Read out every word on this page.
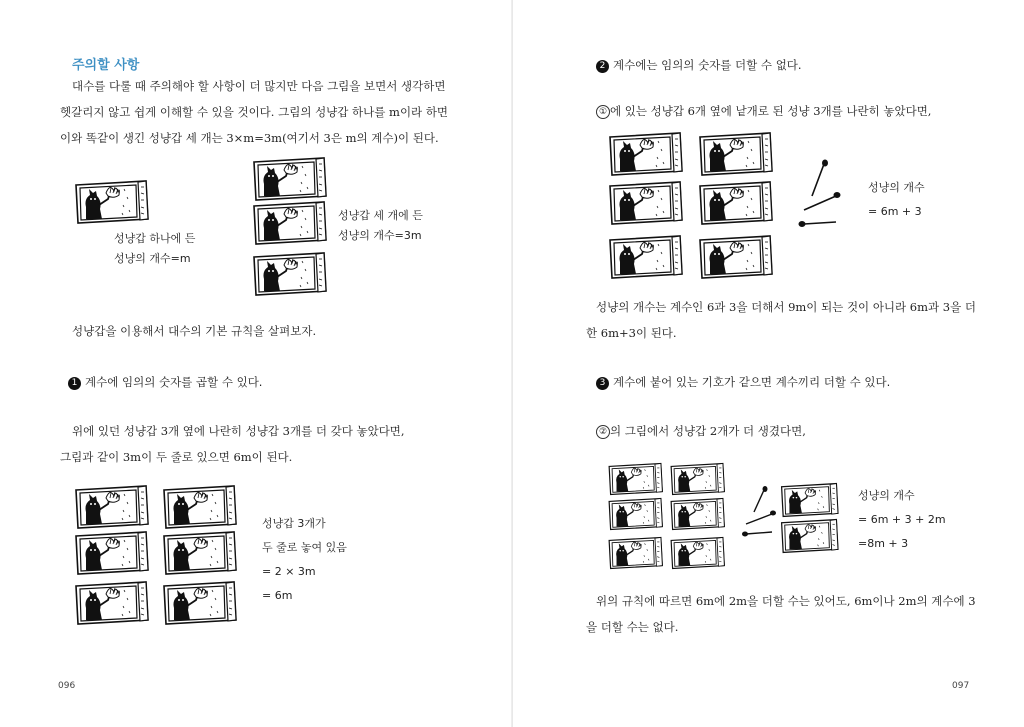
주의할 사항
대수를 다룰 때 주의해야 할 사항이 더 많지만 다음 그림을 보면서 생각하면
헷갈리지 않고 쉽게 이해할 수 있을 것이다. 그림의 성냥갑 하나를 m이라 하면
이와 똑같이 생긴 성냥갑 세 개는 3×m=3m(여기서 3은 m의 계수)이 된다.
성냥갑 하나에 든
성냥의 개수=m
성냥갑 세 개에 든
성냥의 개수=3m
성냥갑을 이용해서 대수의 기본 규칙을 살펴보자.
1 계수에 임의의 숫자를 곱할 수 있다.
위에 있던 성냥갑 3개 옆에 나란히 성냥갑 3개를 더 갖다 놓았다면,
그림과 같이 3m이 두 줄로 있으면 6m이 된다.
성냥갑 3개가
두 줄로 놓여 있음
= 2 × 3m
= 6m
096
2 계수에는 임의의 숫자를 더할 수 없다.
① 에 있는 성냥갑 6개 옆에 낱개로 된 성냥 3개를 나란히 놓았다면,
성냥의 개수
= 6m + 3
성냥의 개수는 계수인 6과 3을 더해서 9m이 되는 것이 아니라 6m과 3을 더
한 6m+3이 된다.
3 계수에 붙어 있는 기호가 같으면 계수끼리 더할 수 있다.
② 의 그림에서 성냥갑 2개가 더 생겼다면,
성냥의 개수
= 6m + 3 + 2m
=8m + 3
위의 규칙에 따르면 6m에 2m을 더할 수는 있어도, 6m이나 2m의 계수에 3
을 더할 수는 없다.
097
